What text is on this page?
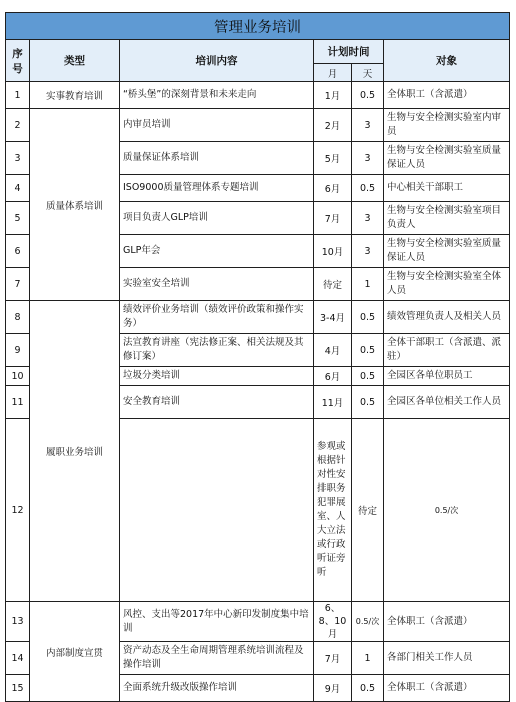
管理业务培训						
序号	类型	培训内容	计划时间		对象	
			月	天		
1	实事教育培训	“桥头堡”的深刻背景和未来走向	1月	0.5	全体职工（含派遣）	
2	质量体系培训	内审员培训	2月	3	生物与安全检测实验室内审员	
3		质量保证体系培训	5月	3	生物与安全检测实验室质量保证人员	
4		ISO9000质量管理体系专题培训	6月	0.5	中心相关干部职工	
5		项目负责人GLP培训	7月	3	生物与安全检测实验室项目负责人	
6		GLP年会	10月	3	生物与安全检测实验室质量保证人员	
7		实验室安全培训	待定	1	生物与安全检测实验室全体人员	
8	履职业务培训	绩效评价业务培训（绩效评价政策和操作实务）	3-4月	0.5	绩效管理负责人及相关人员	
9		法宣教育讲座（宪法修正案、相关法规及其修订案）	4月	0.5	全体干部职工（含派遣、派驻）	
10		垃圾分类培训	6月	0.5	全园区各单位职员工	
11		安全教育培训	11月	0.5	全园区各单位相关工作人员	
12			参观或根据针对性安排职务犯罪展室、人大立法或行政听证旁听	待定	0.5/次	
13	内部制度宣贯	风控、支出等2017年中心新印发制度集中培训	6、8、10月	0.5/次	全体职工（含派遣）	
14		资产动态及全生命周期管理系统培训流程及操作培训	7月	1	各部门相关工作人员	
15		全面系统升级改版操作培训	9月	0.5	全体职工（含派遣）	
